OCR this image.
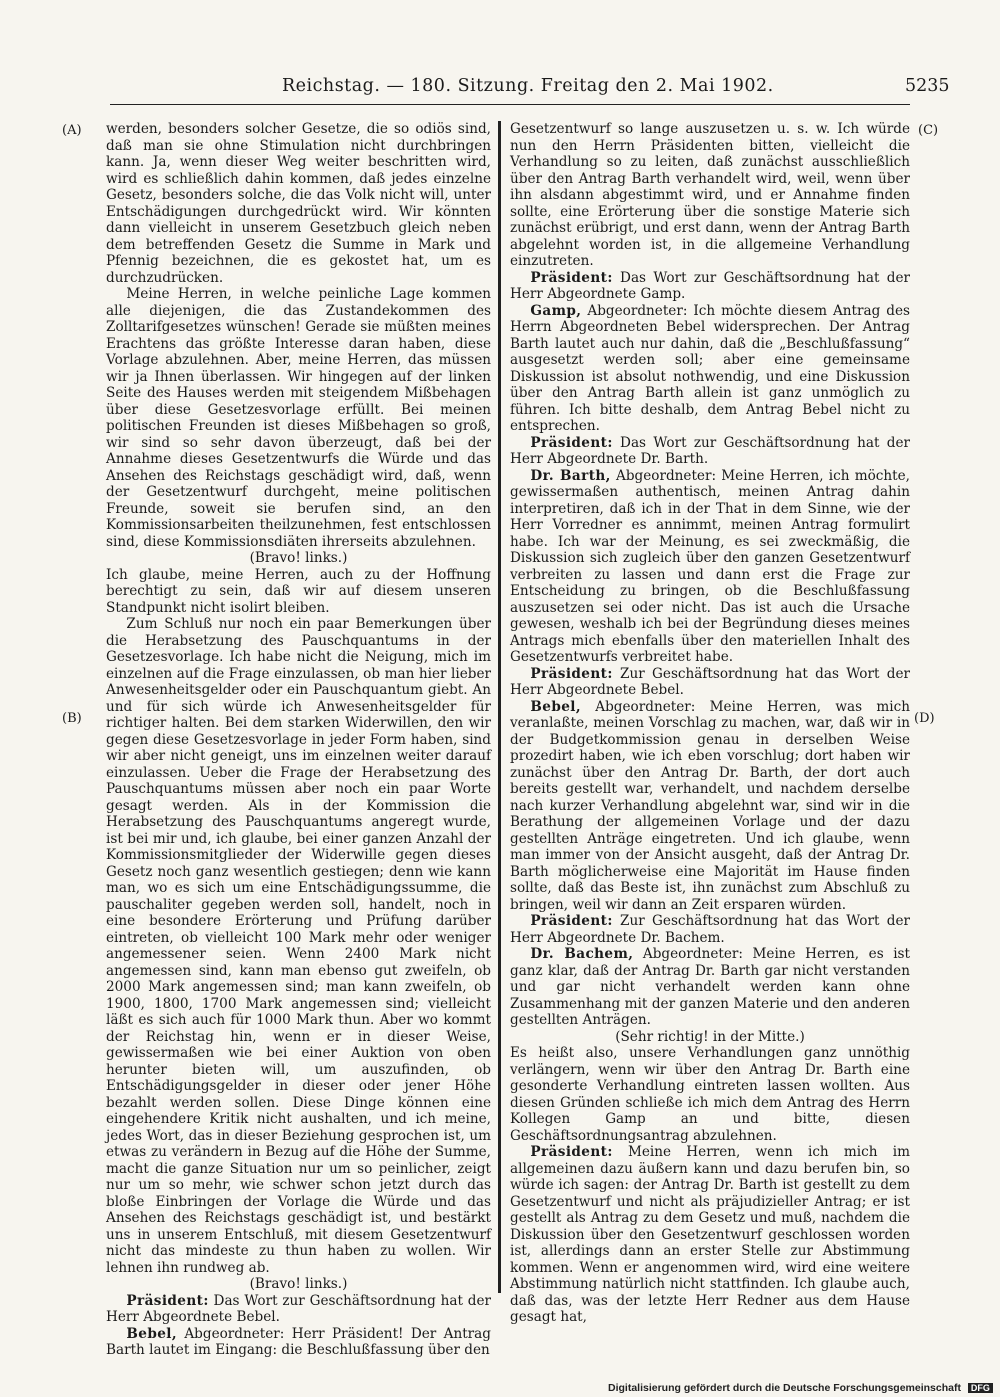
Reichstag. — 180. Sitzung. Freitag den 2. Mai 1902.	5235
(A)
(B)
(C)
(D)

werden, besonders solcher Gesetze, die so odiös sind, daß man sie ohne Stimulation nicht durchbringen kann. Ja, wenn dieser Weg weiter beschritten wird, wird es schließlich dahin kommen, daß jedes einzelne Gesetz, besonders solche, die das Volk nicht will, unter Entschädigungen durchgedrückt wird. Wir könnten dann vielleicht in unserem Gesetzbuch gleich neben dem betreffenden Gesetz die Summe in Mark und Pfennig bezeichnen, die es gekostet hat, um es durchzudrücken.

Meine Herren, in welche peinliche Lage kommen alle diejenigen, die das Zustandekommen des Zolltarifgesetzes wünschen! Gerade sie müßten meines Erachtens das größte Interesse daran haben, diese Vorlage abzulehnen. Aber, meine Herren, das müssen wir ja Ihnen überlassen. Wir hingegen auf der linken Seite des Hauses werden mit steigendem Mißbehagen über diese Gesetzesvorlage erfüllt. Bei meinen politischen Freunden ist dieses Mißbehagen so groß, wir sind so sehr davon überzeugt, daß bei der Annahme dieses Gesetzentwurfs die Würde und das Ansehen des Reichstags geschädigt wird, daß, wenn der Gesetzentwurf durchgeht, meine politischen Freunde, soweit sie berufen sind, an den Kommissionsarbeiten theilzunehmen, fest entschlossen sind, diese Kommissionsdiäten ihrerseits abzulehnen.

(Bravo! links.)

Ich glaube, meine Herren, auch zu der Hoffnung berechtigt zu sein, daß wir auf diesem unseren Standpunkt nicht isolirt bleiben.

Zum Schluß nur noch ein paar Bemerkungen über die Herabsetzung des Pauschquantums in der Gesetzesvorlage. Ich habe nicht die Neigung, mich im einzelnen auf die Frage einzulassen, ob man hier lieber Anwesenheitsgelder oder ein Pauschquantum giebt. An und für sich würde ich Anwesenheitsgelder für richtiger halten. Bei dem starken Widerwillen, den wir gegen diese Gesetzesvorlage in jeder Form haben, sind wir aber nicht geneigt, uns im einzelnen weiter darauf einzulassen. Ueber die Frage der Herabsetzung des Pauschquantums müssen aber noch ein paar Worte gesagt werden. Als in der Kommission die Herabsetzung des Pauschquantums angeregt wurde, ist bei mir und, ich glaube, bei einer ganzen Anzahl der Kommissionsmitglieder der Widerwille gegen dieses Gesetz noch ganz wesentlich gestiegen; denn wie kann man, wo es sich um eine Entschädigungssumme, die pauschaliter gegeben werden soll, handelt, noch in eine besondere Erörterung und Prüfung darüber eintreten, ob vielleicht 100 Mark mehr oder weniger angemessener seien. Wenn 2400 Mark nicht angemessen sind, kann man ebenso gut zweifeln, ob 2000 Mark angemessen sind; man kann zweifeln, ob 1900, 1800, 1700 Mark angemessen sind; vielleicht läßt es sich auch für 1000 Mark thun. Aber wo kommt der Reichstag hin, wenn er in dieser Weise, gewissermaßen wie bei einer Auktion von oben herunter bieten will, um auszufinden, ob Entschädigungsgelder in dieser oder jener Höhe bezahlt werden sollen. Diese Dinge können eine eingehendere Kritik nicht aushalten, und ich meine, jedes Wort, das in dieser Beziehung gesprochen ist, um etwas zu verändern in Bezug auf die Höhe der Summe, macht die ganze Situation nur um so peinlicher, zeigt nur um so mehr, wie schwer schon jetzt durch das bloße Einbringen der Vorlage die Würde und das Ansehen des Reichstags geschädigt ist, und bestärkt uns in unserem Entschluß, mit diesem Gesetzentwurf nicht das mindeste zu thun haben zu wollen. Wir lehnen ihn rundweg ab.

(Bravo! links.)

Präsident: Das Wort zur Geschäftsordnung hat der Herr Abgeordnete Bebel.

Bebel, Abgeordneter: Herr Präsident! Der Antrag Barth lautet im Eingang: die Beschlußfassung über den

Gesetzentwurf so lange auszusetzen u. s. w. Ich würde nun den Herrn Präsidenten bitten, vielleicht die Verhandlung so zu leiten, daß zunächst ausschließlich über den Antrag Barth verhandelt wird, weil, wenn über ihn alsdann abgestimmt wird, und er Annahme finden sollte, eine Erörterung über die sonstige Materie sich zunächst erübrigt, und erst dann, wenn der Antrag Barth abgelehnt worden ist, in die allgemeine Verhandlung einzutreten.

Präsident: Das Wort zur Geschäftsordnung hat der Herr Abgeordnete Gamp.

Gamp, Abgeordneter: Ich möchte diesem Antrag des Herrn Abgeordneten Bebel widersprechen. Der Antrag Barth lautet auch nur dahin, daß die „Beschlußfassung“ ausgesetzt werden soll; aber eine gemeinsame Diskussion ist absolut nothwendig, und eine Diskussion über den Antrag Barth allein ist ganz unmöglich zu führen. Ich bitte deshalb, dem Antrag Bebel nicht zu entsprechen.

Präsident: Das Wort zur Geschäftsordnung hat der Herr Abgeordnete Dr. Barth.

Dr. Barth, Abgeordneter: Meine Herren, ich möchte, gewissermaßen authentisch, meinen Antrag dahin interpretiren, daß ich in der That in dem Sinne, wie der Herr Vorredner es annimmt, meinen Antrag formulirt habe. Ich war der Meinung, es sei zweckmäßig, die Diskussion sich zugleich über den ganzen Gesetzentwurf verbreiten zu lassen und dann erst die Frage zur Entscheidung zu bringen, ob die Beschlußfassung auszusetzen sei oder nicht. Das ist auch die Ursache gewesen, weshalb ich bei der Begründung dieses meines Antrags mich ebenfalls über den materiellen Inhalt des Gesetzentwurfs verbreitet habe.

Präsident: Zur Geschäftsordnung hat das Wort der Herr Abgeordnete Bebel.

Bebel, Abgeordneter: Meine Herren, was mich veranlaßte, meinen Vorschlag zu machen, war, daß wir in der Budgetkommission genau in derselben Weise prozedirt haben, wie ich eben vorschlug; dort haben wir zunächst über den Antrag Dr. Barth, der dort auch bereits gestellt war, verhandelt, und nachdem derselbe nach kurzer Verhandlung abgelehnt war, sind wir in die Berathung der allgemeinen Vorlage und der dazu gestellten Anträge eingetreten. Und ich glaube, wenn man immer von der Ansicht ausgeht, daß der Antrag Dr. Barth möglicherweise eine Majorität im Hause finden sollte, daß das Beste ist, ihn zunächst zum Abschluß zu bringen, weil wir dann an Zeit ersparen würden.

Präsident: Zur Geschäftsordnung hat das Wort der Herr Abgeordnete Dr. Bachem.

Dr. Bachem, Abgeordneter: Meine Herren, es ist ganz klar, daß der Antrag Dr. Barth gar nicht verstanden und gar nicht verhandelt werden kann ohne Zusammenhang mit der ganzen Materie und den anderen gestellten Anträgen.

(Sehr richtig! in der Mitte.)

Es heißt also, unsere Verhandlungen ganz unnöthig verlängern, wenn wir über den Antrag Dr. Barth eine gesonderte Verhandlung eintreten lassen wollten. Aus diesen Gründen schließe ich mich dem Antrag des Herrn Kollegen Gamp an und bitte, diesen Geschäftsordnungsantrag abzulehnen.

Präsident: Meine Herren, wenn ich mich im allgemeinen dazu äußern kann und dazu berufen bin, so würde ich sagen: der Antrag Dr. Barth ist gestellt zu dem Gesetzentwurf und nicht als präjudizieller Antrag; er ist gestellt als Antrag zu dem Gesetz und muß, nachdem die Diskussion über den Gesetzentwurf geschlossen worden ist, allerdings dann an erster Stelle zur Abstimmung kommen. Wenn er angenommen wird, wird eine weitere Abstimmung natürlich nicht stattfinden. Ich glaube auch, daß das, was der letzte Herr Redner aus dem Hause gesagt hat,

Digitalisierung gefördert durch die Deutsche Forschungsgemeinschaft DFG
